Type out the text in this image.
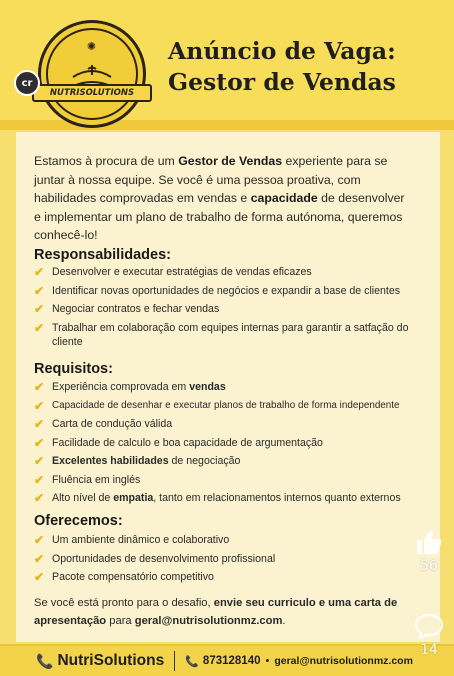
✺
NUTRISOLUTIONS
cr
Anúncio de Vaga:
Gestor de Vendas

Estamos à procura de um Gestor de Vendas experiente para se juntar à nossa equipe. Se você é uma pessoa proativa, com habilidades comprovadas em vendas e capacidade de desenvolver e implementar um plano de trabalho de forma autónoma, queremos conhecê-lo!

Responsabilidades:
✔ Desenvolver e executar estratégias de vendas eficazes
✔ Identificar novas oportunidades de negócios e expandir a base de clientes
✔ Negociar contratos e fechar vendas
✔ Trabalhar em colaboração com equipes internas para garantir a satfação do cliente
Requisitos:
✔ Experiência comprovada em vendas
✔ Capacidade de desenhar e executar planos de trabalho de forma independente
✔ Carta de condução válida
✔ Facilidade de calculo e boa capacidade de argumentação
✔ Excelentes habilidades de negociação
✔ Fluência em inglés
✔ Alto nível de empatia, tanto em relacionamentos internos quanto externos
Oferecemos:
✔ Um ambiente dinâmico e colaborativo
✔ Oportunidades de desenvolvimento profissional
✔ Pacote compensatório competitivo

Se você está pronto para o desafio, envie seu curriculo e uma carta de apresentação para geral@nutrisolutionmz.com.

📞 NutriSolutions 📞 873128140 • geral@nutrisolutionmz.com
56
14
